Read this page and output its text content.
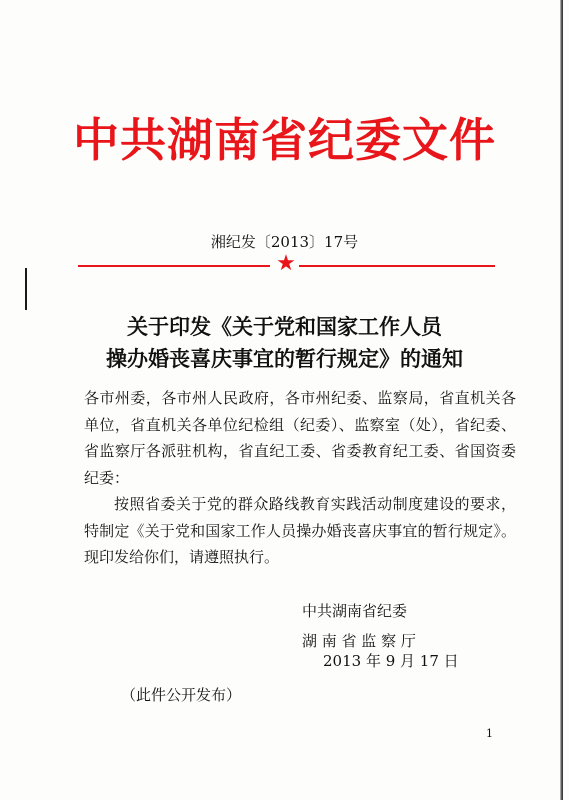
中共湖南省纪委文件
湘纪发〔2013〕17号
★
关于印发《关于党和国家工作人员
操办婚丧喜庆事宜的暂行规定》的通知

各市州委，各市州人民政府，各市州纪委、监察局，省直机关各单位，省直机关各单位纪检组（纪委）、监察室（处），省纪委、省监察厅各派驻机构，省直纪工委、省委教育纪工委、省国资委纪委：

按照省委关于党的群众路线教育实践活动制度建设的要求，特制定《关于党和国家工作人员操办婚丧喜庆事宜的暂行规定》。现印发给你们，请遵照执行。

中共湖南省纪委
湖 南 省 监 察 厅
2013 年 9 月 17 日
（此件公开发布）
1
